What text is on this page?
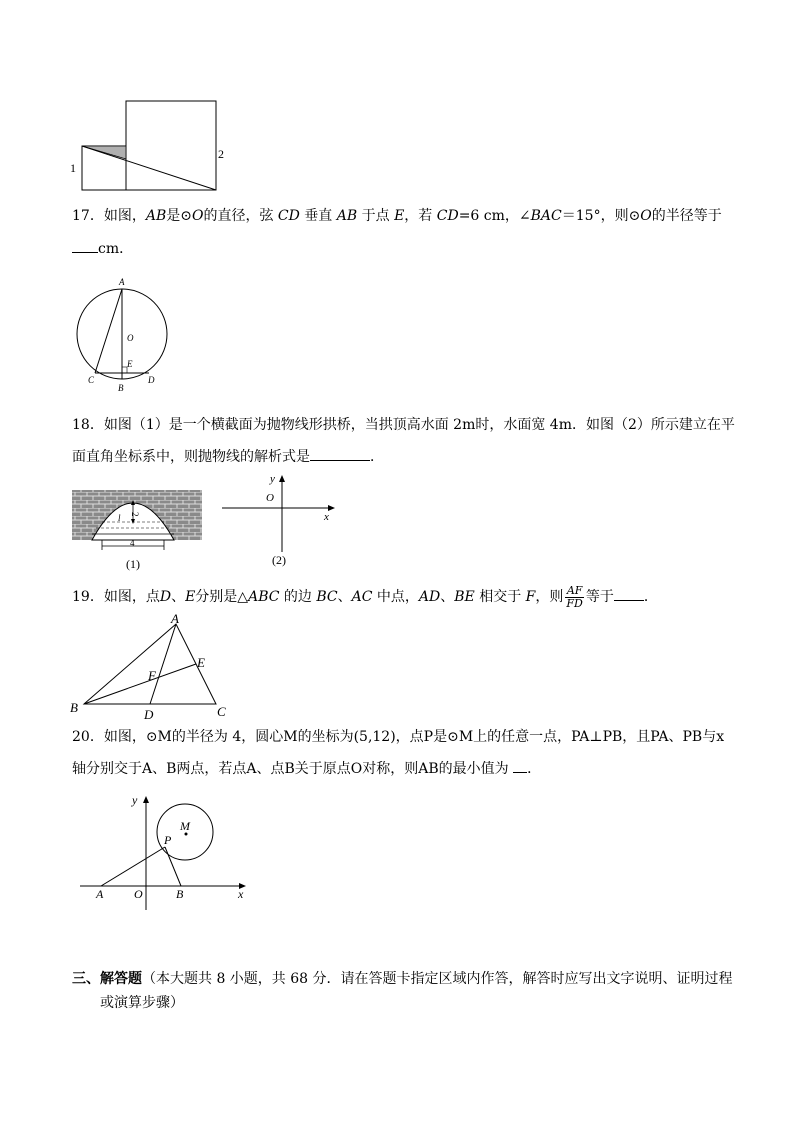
1
2
17．如图，AB是⊙O的直径，弦 CD 垂直 AB 于点 E，若 CD=6 cm，∠BAC＝15°，则⊙O的半径等于
cm．
A
O
E
C
B
D
18．如图（1）是一个横截面为抛物线形拱桥，当拱顶高水面 2m时，水面宽 4m．如图（2）所示建立在平
面直角坐标系中，则抛物线的解析式是	．
2
l
4
(1)
y
O
x
(2)
19．如图，点D、E分别是△ABC 的边 BC、AC 中点，AD、BE 相交于 F，则 $\frac{AF}{FD}$ 等于 ．
A
B	C
D
E
F
20．如图，⊙M的半径为 4，圆心M的坐标为(5,12)，点P是⊙M上的任意一点，PA⊥PB，且PA、PB与x
轴分别交于A、B两点，若点A、点B关于原点O对称，则AB的最小值为 ．
y
x
M
P
A	O	B
三、解答题（本大题共 8 小题，共 68 分．请在答题卡指定区域内作答，解答时应写出文字说明、证明过程
或演算步骤）
